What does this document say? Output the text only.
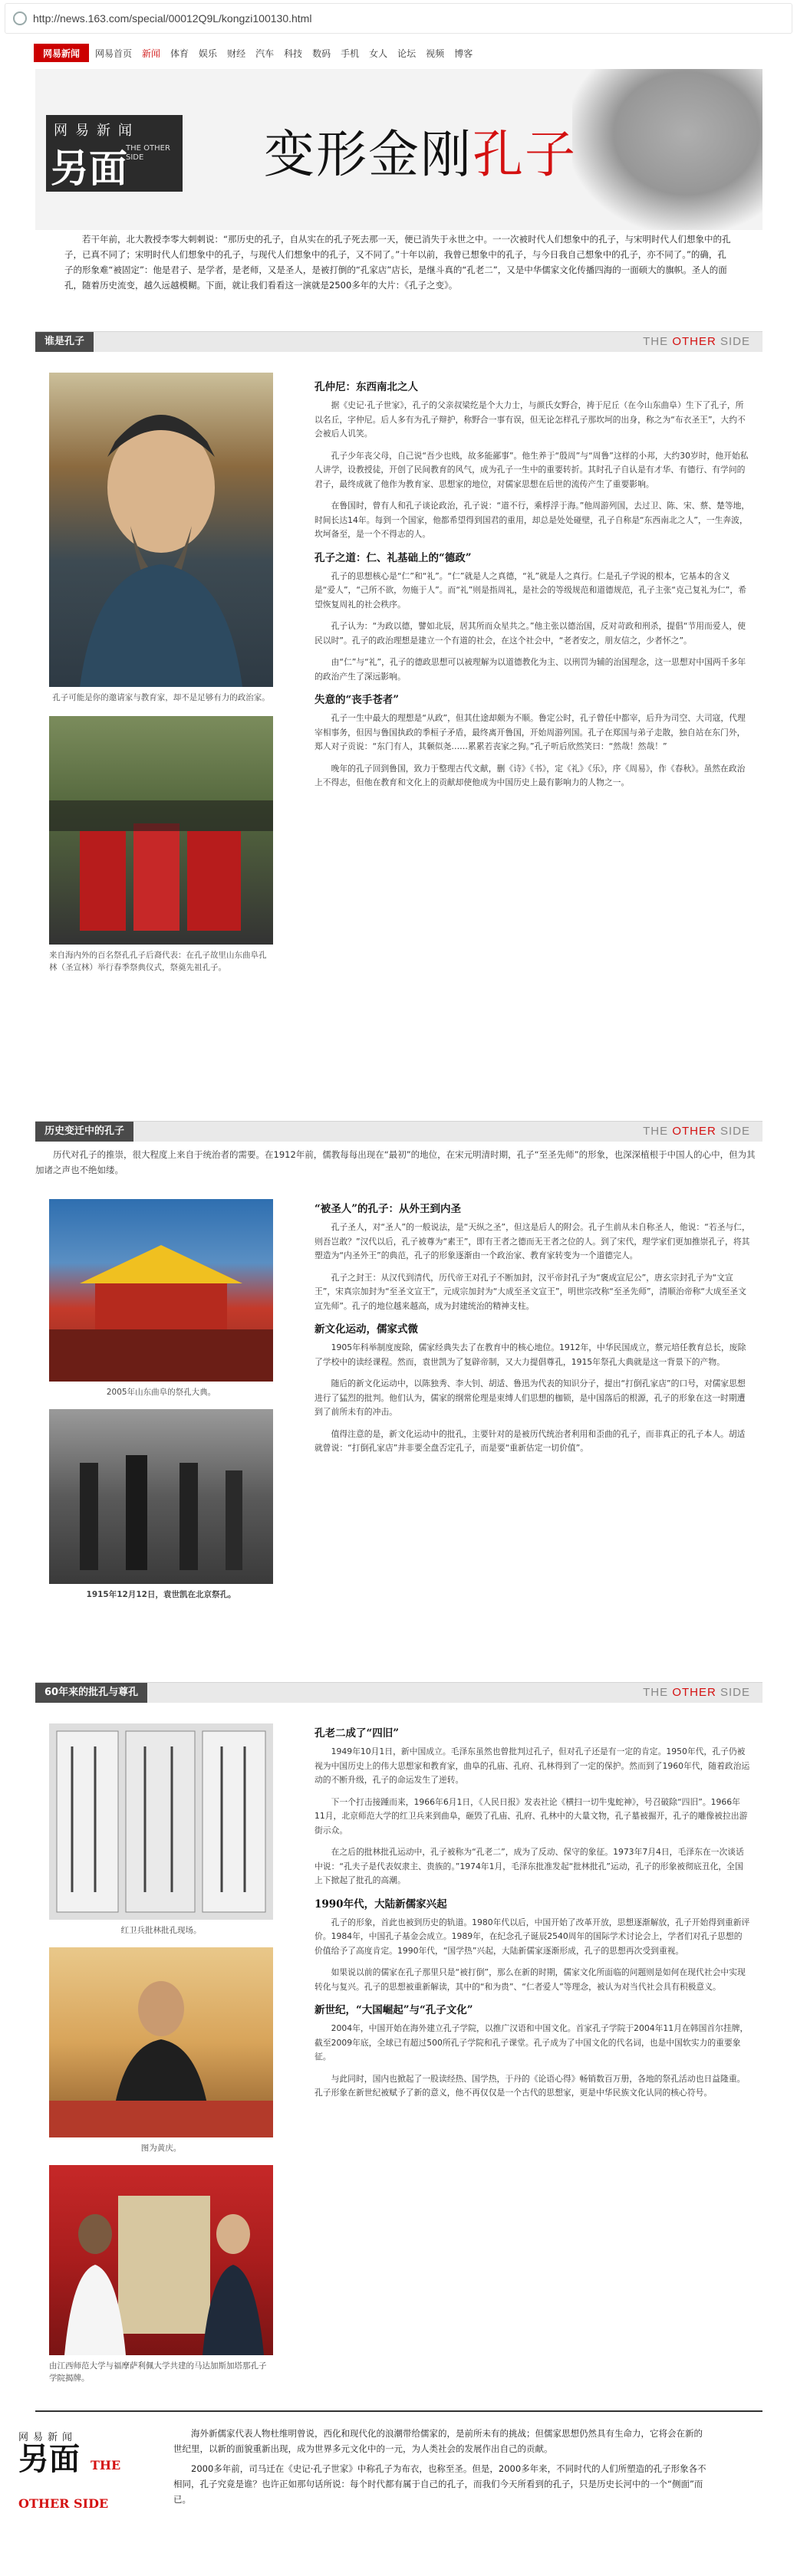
http://news.163.com/special/00012Q9L/kongzi100130.html
网易新闻	网易首页 新闻 体育 娱乐 财经 汽车 科技 数码 手机 女人 论坛 视频 博客
网易新闻
另面
THE OTHER SIDE	变形金刚孔子
若干年前，北大教授李零大刺刺说：“那历史的孔子，自从实在的孔子死去那一天，便已消失于永世之中。一一次被时代人们想象中的孔子，与宋明时代人们想象中的孔子，已真不同了；宋明时代人们想象中的孔子，与现代人们想象中的孔子，又不同了。”十年以前，我曾已想象中的孔子，与今日我自己想象中的孔子，亦不同了。”的确，孔子的形象难“被固定”：他是君子、是学者，是老师，又是圣人，是被打倒的“孔家店”店长，是继斗真的“孔老二”，又是中华儒家文化传播四海的一面硕大的旗帜。圣人的面孔，随着历史流变，越久远越模糊。下面，就让我们看看这一演就是2500多年的大片：《孔子之变》。
谁是孔子	THE OTHER SIDE
孔子可能是你的邀请家与教育家，却不是足够有力的政治家。
来自海内外的百名祭孔孔子后裔代表：在孔子故里山东曲阜孔林（圣宣林）举行春季祭典仪式，祭奠先祖孔子。
孔仲尼：东西南北之人

据《史记·孔子世家》，孔子的父亲叔梁纥是个大力士，与颜氏女野合，祷于尼丘（在今山东曲阜）生下了孔子，所以名丘，字仲尼。后人多有为孔子辩护，称野合一事有误，但无论怎样孔子那坎坷的出身，称之为“布衣圣王”，大约不会被后人讥笑。

孔子少年丧父母，自己说“吾少也贱，故多能鄙事”。他生养于“殷周”与“周鲁”这样的小邦，大约30岁时，他开始私人讲学，设教授徒，开创了民间教育的风气，成为孔子一生中的重要转折。其时孔子自认是有才华、有德行、有学问的君子，最终成就了他作为教育家、思想家的地位，对儒家思想在后世的流传产生了重要影响。

在鲁国时，曾有人和孔子谈论政治，孔子说：“道不行，乘桴浮于海。”他周游列国，去过卫、陈、宋、蔡、楚等地，时间长达14年。每到一个国家，他都希望得到国君的重用，却总是处处碰壁，孔子自称是“东西南北之人”，一生奔波，坎坷备至，是一个不得志的人。

孔子之道：仁、礼基础上的“德政”

孔子的思想核心是“仁”和“礼”。“仁”就是人之真德，“礼”就是人之真行。仁是孔子学说的根本，它基本的含义是“爱人”，“己所不欲，勿施于人”。而“礼”则是指周礼，是社会的等级规范和道德规范，孔子主张“克己复礼为仁”，希望恢复周礼的社会秩序。

孔子认为：“为政以德，譬如北辰，居其所而众星共之。”他主张以德治国，反对苛政和刑杀，提倡“节用而爱人，使民以时”。孔子的政治理想是建立一个有道的社会，在这个社会中，“老者安之，朋友信之，少者怀之”。

由“仁”与“礼”，孔子的德政思想可以被理解为以道德教化为主、以刑罚为辅的治国理念，这一思想对中国两千多年的政治产生了深远影响。

失意的“丧手苍者”

孔子一生中最大的理想是“从政”，但其仕途却颇为不顺。鲁定公时，孔子曾任中都宰，后升为司空、大司寇，代理宰相事务，但因与鲁国执政的季桓子矛盾，最终离开鲁国，开始周游列国。孔子在郑国与弟子走散，独自站在东门外，郑人对子贡说：“东门有人，其颡似尧……累累若丧家之狗。”孔子听后欣然笑曰：“然哉！然哉！”

晚年的孔子回到鲁国，致力于整理古代文献，删《诗》《书》，定《礼》《乐》，序《周易》，作《春秋》。虽然在政治上不得志，但他在教育和文化上的贡献却使他成为中国历史上最有影响力的人物之一。

历史变迁中的孔子	THE OTHER SIDE
历代对孔子的推崇，很大程度上来自于统治者的需要。在1912年前，儒教每每出现在“最初”的地位，在宋元明清时期，孔子“至圣先师”的形象，也深深植根于中国人的心中，但为其加诸之声也不绝如缕。
2005年山东曲阜的祭孔大典。
1915年12月12日，袁世凯在北京祭孔。
“被圣人”的孔子：从外王到内圣

孔子圣人，对“圣人”的一般说法，是“天纵之圣”，但这是后人的附会。孔子生前从未自称圣人，他说：“若圣与仁，则吾岂敢？”汉代以后，孔子被尊为“素王”，即有王者之德而无王者之位的人。到了宋代，理学家们更加推崇孔子，将其塑造为“内圣外王”的典范，孔子的形象逐渐由一个政治家、教育家转变为一个道德完人。

孔子之封王：从汉代到清代，历代帝王对孔子不断加封，汉平帝封孔子为“褒成宣尼公”，唐玄宗封孔子为“文宣王”，宋真宗加封为“至圣文宣王”，元成宗加封为“大成至圣文宣王”，明世宗改称“至圣先师”，清顺治帝称“大成至圣文宣先师”。孔子的地位越来越高，成为封建统治的精神支柱。

新文化运动，儒家式微

1905年科举制度废除，儒家经典失去了在教育中的核心地位。1912年，中华民国成立，蔡元培任教育总长，废除了学校中的读经课程。然而，袁世凯为了复辟帝制，又大力提倡尊孔，1915年祭孔大典就是这一背景下的产物。

随后的新文化运动中，以陈独秀、李大钊、胡适、鲁迅为代表的知识分子，提出“打倒孔家店”的口号，对儒家思想进行了猛烈的批判。他们认为，儒家的纲常伦理是束缚人们思想的枷锁，是中国落后的根源，孔子的形象在这一时期遭到了前所未有的冲击。

值得注意的是，新文化运动中的批孔，主要针对的是被历代统治者利用和歪曲的孔子，而非真正的孔子本人。胡适就曾说：“打倒孔家店”并非要全盘否定孔子，而是要“重新估定一切价值”。

60年来的批孔与尊孔	THE OTHER SIDE
红卫兵批林批孔现场。
图为黄庆。
由江西师范大学与福摩萨利佩大学共建的马达加斯加塔那孔子学院揭牌。
孔老二成了“四旧”

1949年10月1日，新中国成立。毛泽东虽然也曾批判过孔子，但对孔子还是有一定的肯定。1950年代，孔子仍被视为中国历史上的伟大思想家和教育家，曲阜的孔庙、孔府、孔林得到了一定的保护。然而到了1960年代，随着政治运动的不断升级，孔子的命运发生了逆转。

下一个打击接踵而来，1966年6月1日，《人民日报》发表社论《横扫一切牛鬼蛇神》，号召破除“四旧”。1966年11月，北京师范大学的红卫兵来到曲阜，砸毁了孔庙、孔府、孔林中的大量文物，孔子墓被掘开，孔子的雕像被拉出游街示众。

在之后的批林批孔运动中，孔子被称为“孔老二”，成为了反动、保守的象征。1973年7月4日，毛泽东在一次谈话中说：“孔夫子是代表奴隶主、贵族的。”1974年1月，毛泽东批准发起“批林批孔”运动，孔子的形象被彻底丑化，全国上下掀起了批孔的高潮。

1990年代，大陆新儒家兴起

孔子的形象，首此也被到历史的轨道。1980年代以后，中国开始了改革开放，思想逐渐解放，孔子开始得到重新评价。1984年，中国孔子基金会成立。1989年，在纪念孔子诞辰2540周年的国际学术讨论会上，学者们对孔子思想的价值给予了高度肯定。1990年代，“国学热”兴起，大陆新儒家逐渐形成，孔子的思想再次受到重视。

如果说以前的儒家在孔子那里只是“被打倒”，那么在新的时期，儒家文化所面临的问题则是如何在现代社会中实现转化与复兴。孔子的思想被重新解读，其中的“和为贵”、“仁者爱人”等理念，被认为对当代社会具有积极意义。

新世纪，“大国崛起”与“孔子文化”

2004年，中国开始在海外建立孔子学院，以推广汉语和中国文化。首家孔子学院于2004年11月在韩国首尔挂牌，截至2009年底，全球已有超过500所孔子学院和孔子课堂。孔子成为了中国文化的代名词，也是中国软实力的重要象征。

与此同时，国内也掀起了一股读经热、国学热，于丹的《论语心得》畅销数百万册，各地的祭孔活动也日益隆重。孔子形象在新世纪被赋予了新的意义，他不再仅仅是一个古代的思想家，更是中华民族文化认同的核心符号。

网易新闻
另面 THE OTHER SIDE

海外新儒家代表人物杜维明曾说，西化和现代化的浪潮带给儒家的，是前所未有的挑战；但儒家思想仍然具有生命力，它将会在新的世纪里，以新的面貌重新出现，成为世界多元文化中的一元，为人类社会的发展作出自己的贡献。

2000多年前，司马迁在《史记·孔子世家》中称孔子为布衣，也称至圣。但是，2000多年来，不同时代的人们所塑造的孔子形象各不相同，孔子究竟是谁？也许正如那句话所说：每个时代都有属于自己的孔子，而我们今天所看到的孔子，只是历史长河中的一个“侧面”而已。
